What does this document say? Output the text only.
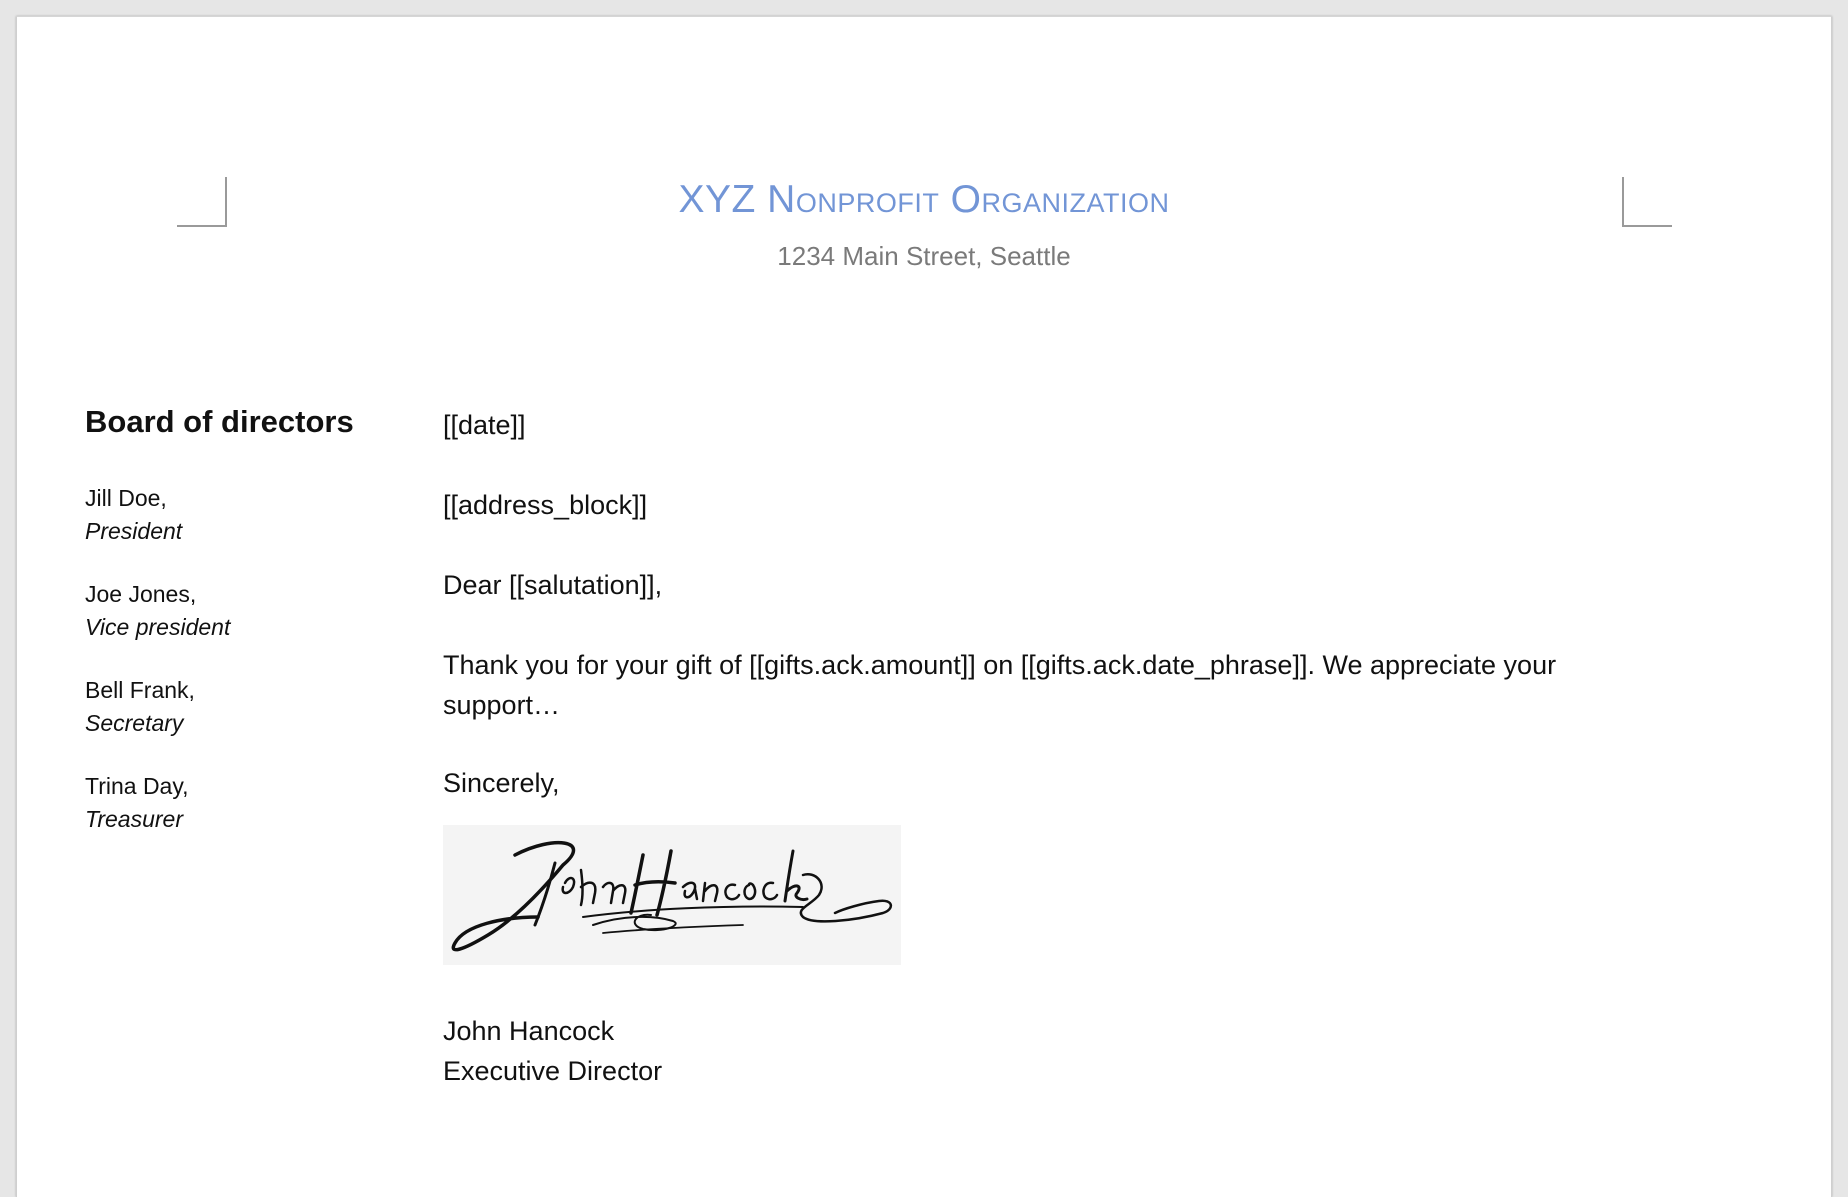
XYZ Nonprofit Organization
1234 Main Street, Seattle
Board of directors
Jill Doe,
President
Joe Jones,
Vice president
Bell Frank,
Secretary
Trina Day,
Treasurer

[[date]]

[[address_block]]

Dear [[salutation]],

Thank you for your gift of [[gifts.ack.amount]] on [[gifts.ack.date_phrase]]. We appreciate your support…

Sincerely,

John Hancock

Executive Director
